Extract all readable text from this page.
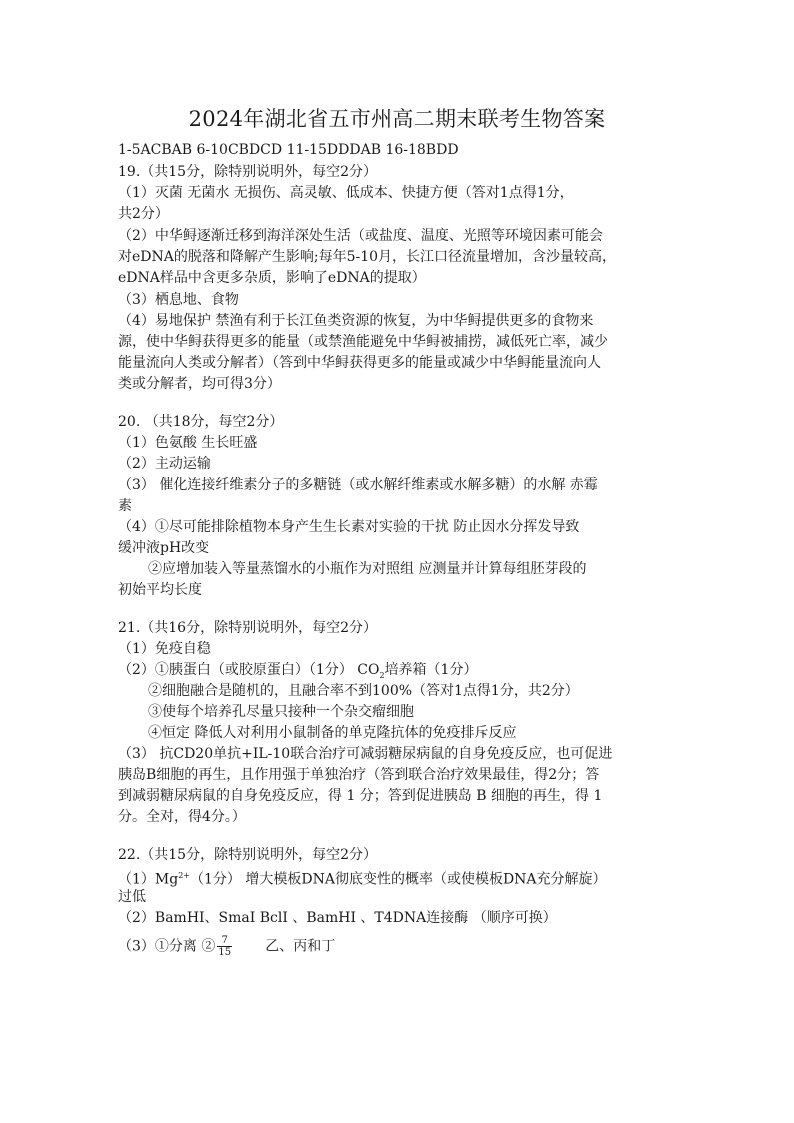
2024年湖北省五市州高二期末联考生物答案
1-5ACBAB 6-10CBDCD 11-15DDDAB 16-18BDD
19.（共15分，除特别说明外，每空2分）
（1）灭菌 无菌水 无损伤、高灵敏、低成本、快捷方便（答对1点得1分，
共2分）
（2）中华鲟逐渐迁移到海洋深处生活（或盐度、温度、光照等环境因素可能会
对eDNA的脱落和降解产生影响;每年5-10月，长江口径流量增加，含沙量较高，
eDNA样品中含更多杂质，影响了eDNA的提取）
（3）栖息地、食物
（4）易地保护 禁渔有利于长江鱼类资源的恢复，为中华鲟提供更多的食物来
源，使中华鲟获得更多的能量（或禁渔能避免中华鲟被捕捞，减低死亡率，减少
能量流向人类或分解者）（答到中华鲟获得更多的能量或减少中华鲟能量流向人
类或分解者，均可得3分）
20. （共18分，每空2分）
（1）色氨酸 生长旺盛
（2）主动运输
（3） 催化连接纤维素分子的多糖链（或水解纤维素或水解多糖）的水解 赤霉
素
（4）①尽可能排除植物本身产生生长素对实验的干扰 防止因水分挥发导致
缓冲液pH改变
②应增加装入等量蒸馏水的小瓶作为对照组 应测量并计算每组胚芽段的
初始平均长度
21.（共16分，除特别说明外，每空2分）
（1）免疫自稳
（2）①胰蛋白（或胶原蛋白）（1分） $CO_2$培养箱（1分）
②细胞融合是随机的，且融合率不到100%（答对1点得1分，共2分）
③使每个培养孔尽量只接种一个杂交瘤细胞
④恒定 降低人对利用小鼠制备的单克隆抗体的免疫排斥反应
（3） 抗CD20单抗+IL-10联合治疗可减弱糖尿病鼠的自身免疫反应，也可促进
胰岛B细胞的再生，且作用强于单独治疗（答到联合治疗效果最佳，得2分；答
到减弱糖尿病鼠的自身免疫反应，得 1 分；答到促进胰岛 B 细胞的再生，得 1
分。全对，得4分。）
22.（共15分，除特别说明外，每空2分）
$(1)Mg^{2+}(1$分） 增大模板DNA彻底变性的概率（或使模板DNA充分解旋）
过低
（2）BamHI、SmaI BclI 、BamHI 、T4DNA连接酶 （顺序可换）
（3）①分离 ② $\frac{7}{15}$ 乙、丙和丁
